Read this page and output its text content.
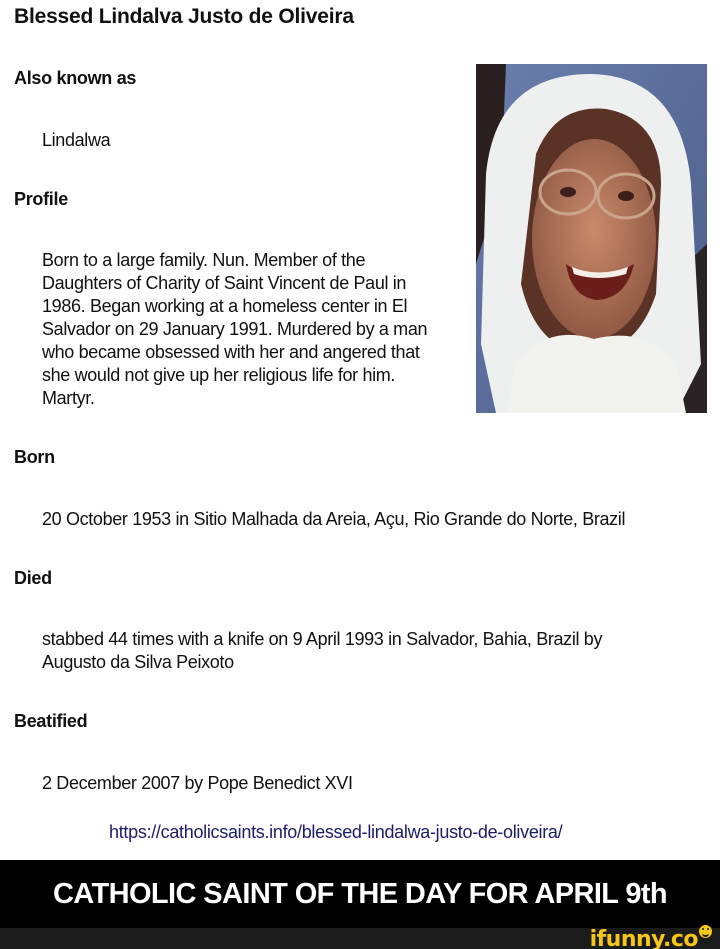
Blessed Lindalva Justo de Oliveira
Also known as
Lindalwa
Profile
Born to a large family. Nun. Member of the
Daughters of Charity of Saint Vincent de Paul in
1986. Began working at a homeless center in El
Salvador on 29 January 1991. Murdered by a man
who became obsessed with her and angered that
she would not give up her religious life for him.
Martyr.
Born
20 October 1953 in Sitio Malhada da Areia, Açu, Rio Grande do Norte, Brazil
Died
stabbed 44 times with a knife on 9 April 1993 in Salvador, Bahia, Brazil by
Augusto da Silva Peixoto
Beatified
2 December 2007 by Pope Benedict XVI
https://catholicsaints.info/blessed-lindalwa-justo-de-oliveira/
CATHOLIC SAINT OF THE DAY FOR APRIL 9th
ifunny.co
